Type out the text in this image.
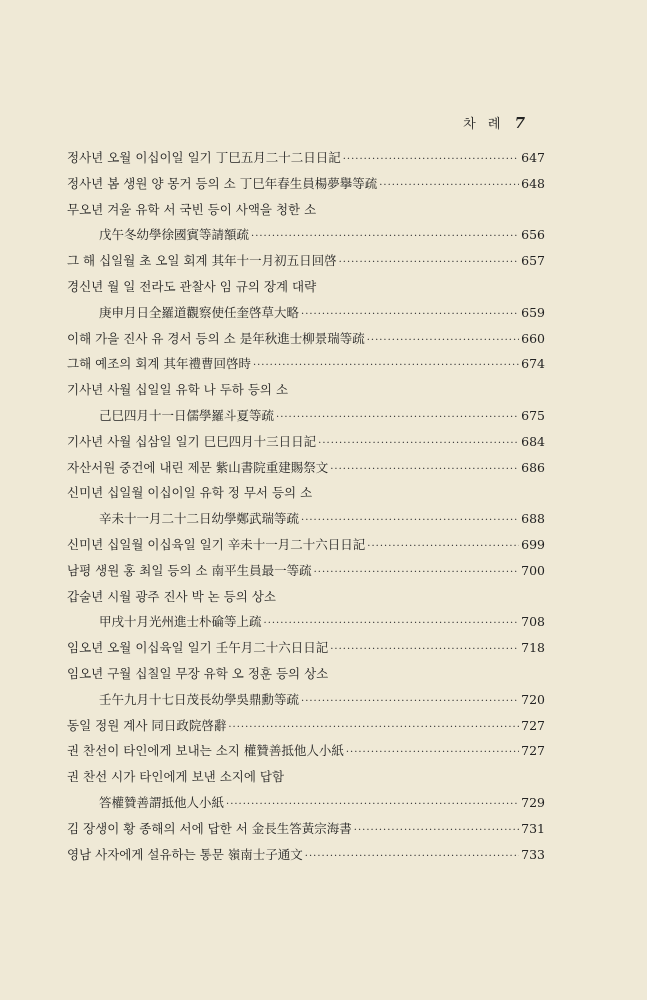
차 례 7
정사년 오월 이십이일 일기 丁巳五月二十二日日記 ·····	647
정사년 봄 생원 양 몽거 등의 소 丁巳年春生員楊夢擧等疏 ·····	648
무오년 겨울 유학 서 국빈 등이 사액을 청한 소
戊午冬幼學徐國賓等請額疏 ·····	656
그 해 십일월 초 오일 회계 其年十一月初五日回啓 ·····	657
경신년 월 일 전라도 관찰사 임 규의 장계 대략
庚申月日全羅道觀察使任奎啓草大略 ·····	659
이해 가을 진사 유 경서 등의 소 是年秋進士柳景瑞等疏 ·····	660
그해 예조의 회계 其年禮曹回啓時 ·····	674
기사년 사월 십일일 유학 나 두하 등의 소
己巳四月十一日儒學羅斗夏等疏 ·····	675
기사년 사월 십삼일 일기 巳巳四月十三日日記 ·····	684
자산서원 중건에 내린 제문 紫山書院重建賜祭文 ·····	686
신미년 십일월 이십이일 유학 정 무서 등의 소
辛未十一月二十二日幼學鄭武瑞等疏 ·····	688
신미년 십일월 이십육일 일기 辛未十一月二十六日日記 ·····	699
남평 생원 홍 최일 등의 소 南平生員最一等疏 ·····	700
갑술년 시월 광주 진사 박 논 등의 상소
甲戌十月光州進士朴碖等上疏 ·····	708
임오년 오월 이십육일 일기 壬午月二十六日日記 ·····	718
임오년 구월 십칠일 무장 유학 오 정훈 등의 상소
壬午九月十七日茂長幼學吳鼎勳等疏 ·····	720
동일 정원 계사 同日政院啓辭 ·····	727
권 찬선이 타인에게 보내는 소지 權贊善抵他人小紙 ·····	727
권 찬선 시가 타인에게 보낸 소지에 답함
答權贊善謂抵他人小紙 ·····	729
김 장생이 황 종해의 서에 답한 서 金長生答黃宗海書 ·····	731
영남 사자에게 설유하는 통문 嶺南士子通文 ·····	733
